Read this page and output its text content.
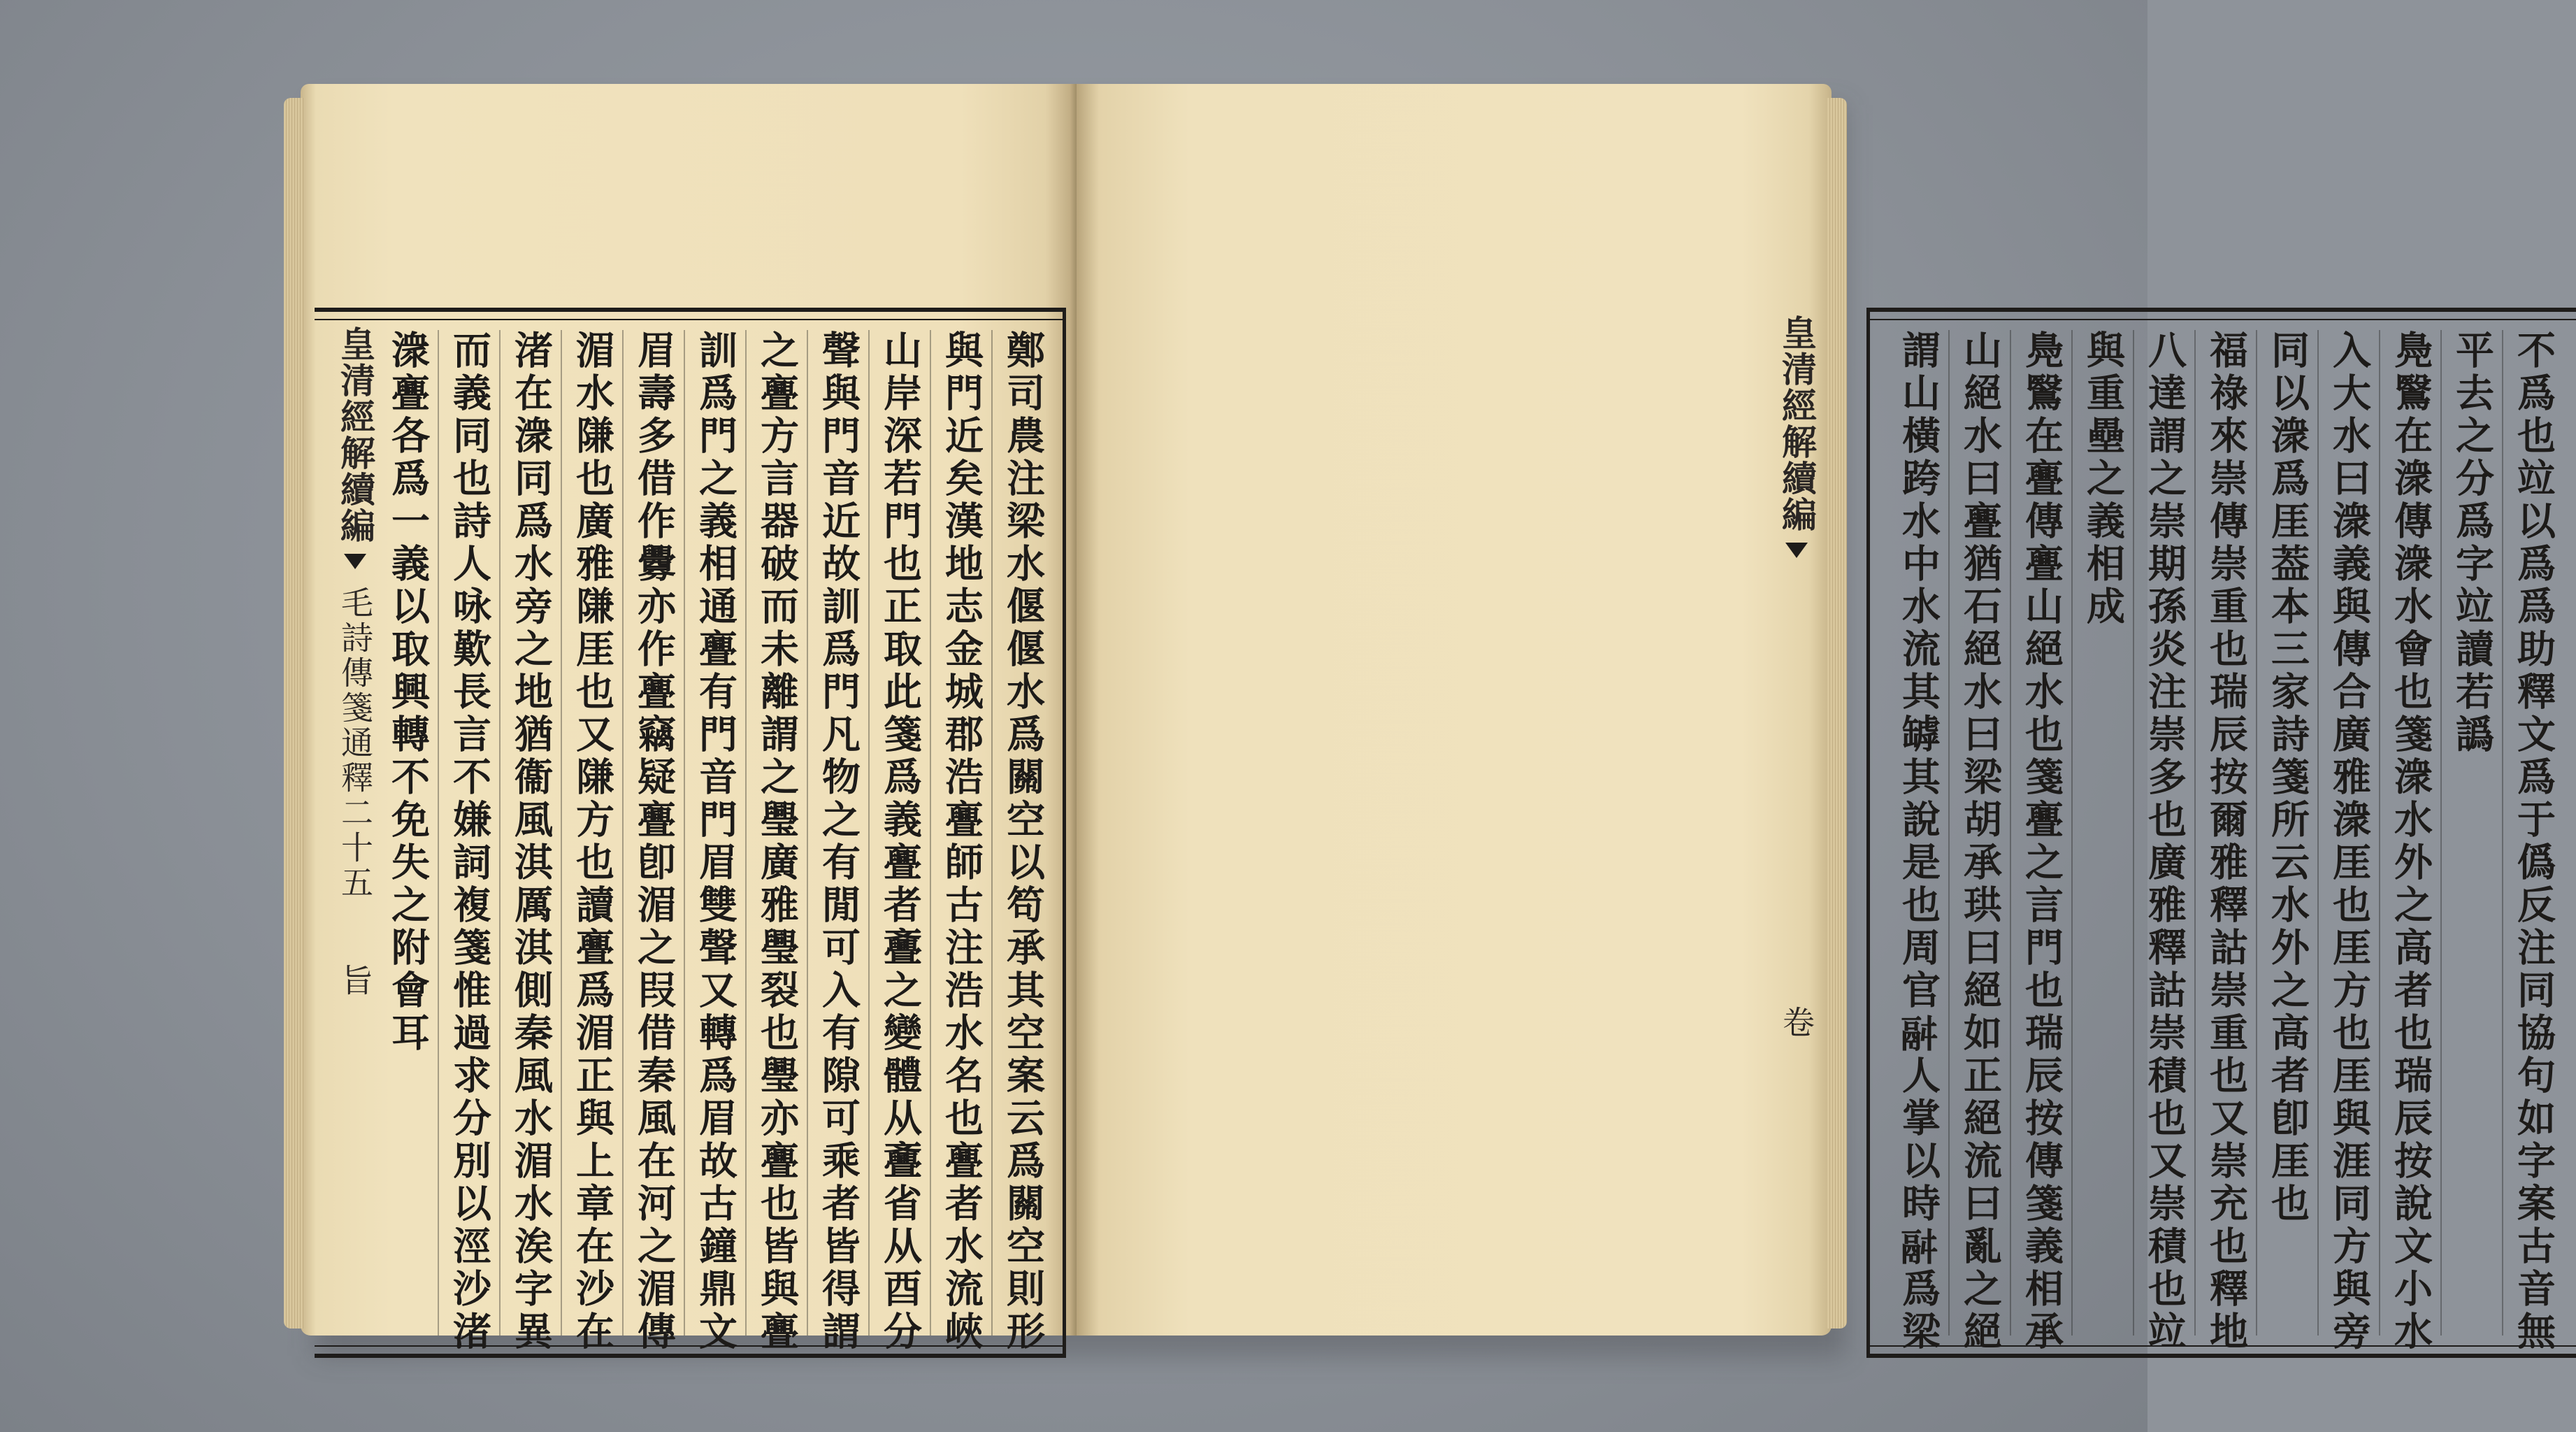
皇清經解續編
毛詩傳箋通釋二十五
旨	鄭司農注梁水偃偃水爲關空以笱承其空案云爲關空則形
與門近矣漢地志金城郡浩亹師古注浩水名也亹者水流峽
山岸深若門也正取此箋爲義亹者斖之變體从斖省从酉分
聲與門音近故訓爲門凡物之有閒可入有隙可乘者皆得謂
之亹方言器破而未離謂之璺廣雅璺裂也璺亦亹也皆與亹
訓爲門之義相通亹有門音門眉雙聲又轉爲眉故古鐘鼎文
眉壽多借作釁亦作亹竊疑亹卽湄之叚借秦風在河之湄傳
湄水隒也廣雅隒厓也又隒方也讀亹爲湄正與上章在沙在
渚在潨同爲水旁之地猶衞風淇厲淇側秦風水湄水涘字異
而義同也詩人咏歎長言不嫌詞複箋惟過求分別以涇沙渚
潨亹各爲一義以取興轉不免失之附會耳	不爲也竝以爲爲助釋文爲于僞反注同協句如字案古音無
平去之分爲字竝讀若譌
鳧鷖在潨傳潨水會也箋潨水外之高者也瑞辰按說文小水
入大水曰潨義與傳合廣雅潨厓也厓方也厓與涯同方與旁
同以潨爲厓葢本三家詩箋所云水外之高者卽厓也
福祿來崇傳崇重也瑞辰按爾雅釋詁崇重也又崇充也釋地
八達謂之崇期孫炎注崇多也廣雅釋詁崇積也又崇積也竝
與重壘之義相成
鳧鷖在亹傳亹山絕水也箋亹之言門也瑞辰按傳箋義相承
山絕水曰亹猶石絕水曰梁胡承珙曰絕如正絕流曰亂之絕
謂山橫跨水中水流其罅其說是也周官𩰫人掌以時𩰫爲梁
皇清經解續編
卷
